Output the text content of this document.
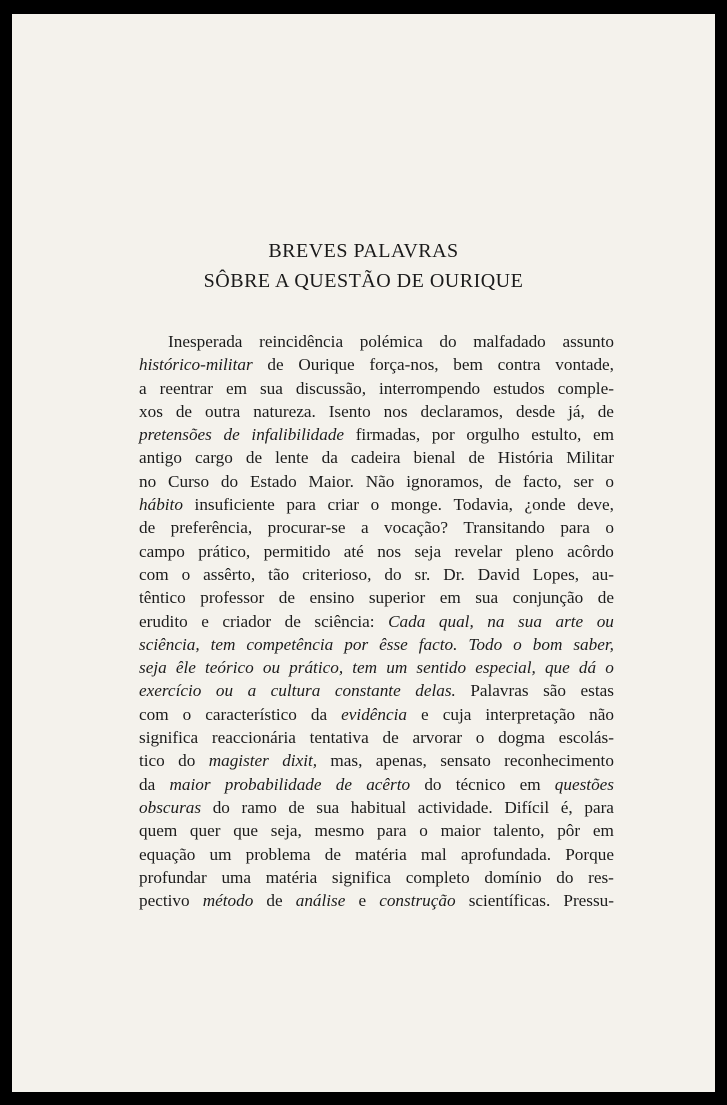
BREVES PALAVRAS
SÔBRE A QUESTÃO DE OURIQUE
Inesperada reincidência polémica do malfadado assunto
histórico-militar de Ourique força-nos, bem contra vontade,
a reentrar em sua discussão, interrompendo estudos comple-
xos de outra natureza. Isento nos declaramos, desde já, de
pretensões de infalibilidade firmadas, por orgulho estulto, em
antigo cargo de lente da cadeira bienal de História Militar
no Curso do Estado Maior. Não ignoramos, de facto, ser o
hábito insuficiente para criar o monge. Todavia, ¿onde deve,
de preferência, procurar-se a vocação? Transitando para o
campo prático, permitido até nos seja revelar pleno acôrdo
com o assêrto, tão criterioso, do sr. Dr. David Lopes, au-
têntico professor de ensino superior em sua conjunção de
erudito e criador de sciência: Cada qual, na sua arte ou
sciência, tem competência por êsse facto. Todo o bom saber,
seja êle teórico ou prático, tem um sentido especial, que dá o
exercício ou a cultura constante delas. Palavras são estas
com o característico da evidência e cuja interpretação não
significa reaccionária tentativa de arvorar o dogma escolás-
tico do magister dixit, mas, apenas, sensato reconhecimento
da maior probabilidade de acêrto do técnico em questões
obscuras do ramo de sua habitual actividade. Difícil é, para
quem quer que seja, mesmo para o maior talento, pôr em
equação um problema de matéria mal aprofundada. Porque
profundar uma matéria significa completo domínio do res-
pectivo método de análise e construção scientíficas. Pressu-
